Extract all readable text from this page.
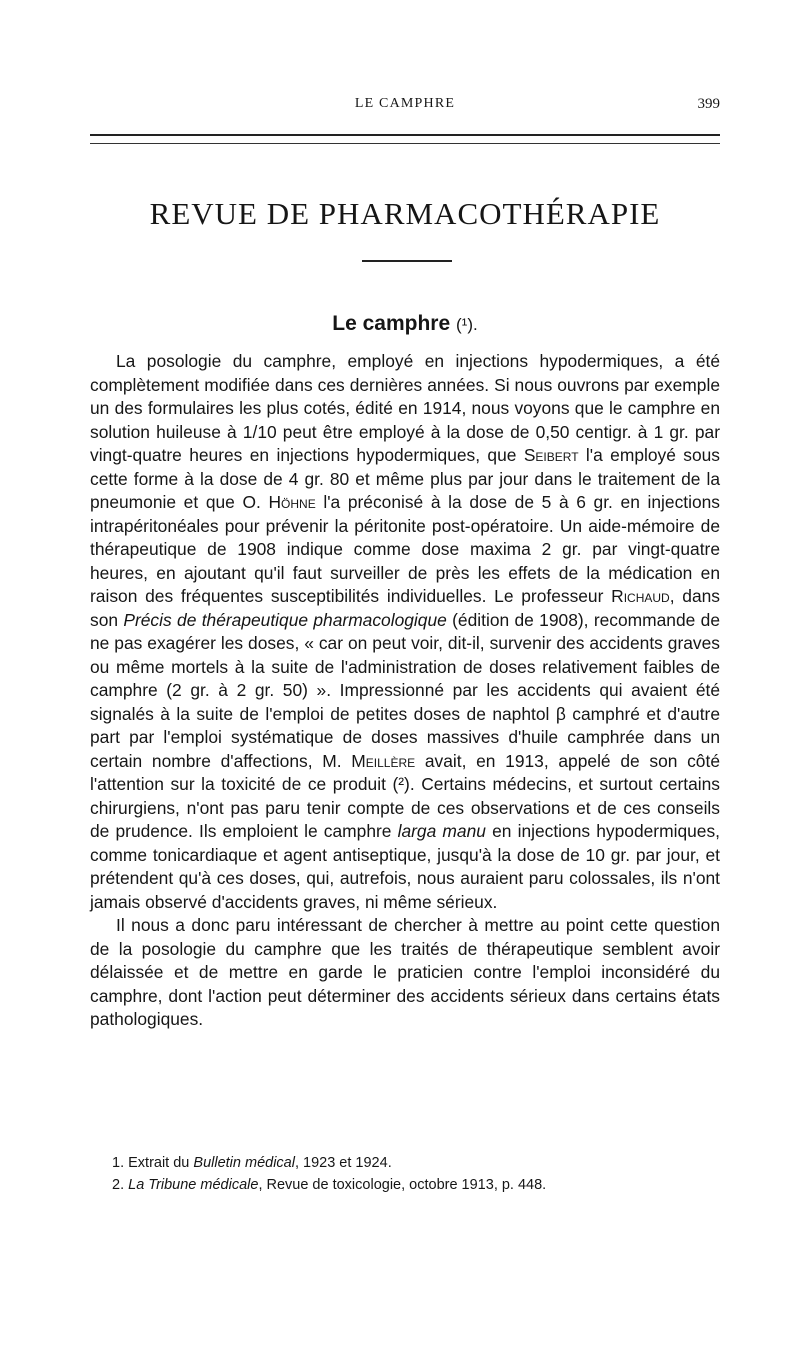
LE CAMPHRE	399
REVUE DE PHARMACOTHÉRAPIE
Le camphre (¹).

La posologie du camphre, employé en injections hypodermiques, a été complètement modifiée dans ces dernières années. Si nous ouvrons par exemple un des formulaires les plus cotés, édité en 1914, nous voyons que le camphre en solution huileuse à 1/10 peut être employé à la dose de 0,50 centigr. à 1 gr. par vingt-quatre heures en injections hypodermiques, que Seibert l'a employé sous cette forme à la dose de 4 gr. 80 et même plus par jour dans le traitement de la pneumonie et que O. Höhne l'a préconisé à la dose de 5 à 6 gr. en injections intrapéritonéales pour prévenir la péritonite post-opératoire. Un aide-mémoire de thérapeutique de 1908 indique comme dose maxima 2 gr. par vingt-quatre heures, en ajoutant qu'il faut surveiller de près les effets de la médication en raison des fréquentes susceptibilités individuelles. Le professeur Richaud, dans son Précis de thérapeutique pharmacologique (édition de 1908), recommande de ne pas exagérer les doses, « car on peut voir, dit-il, survenir des accidents graves ou même mortels à la suite de l'administration de doses relativement faibles de camphre (2 gr. à 2 gr. 50) ». Impressionné par les accidents qui avaient été signalés à la suite de l'emploi de petites doses de naphtol β camphré et d'autre part par l'emploi systématique de doses massives d'huile camphrée dans un certain nombre d'affections, M. Meillère avait, en 1913, appelé de son côté l'attention sur la toxicité de ce produit (²). Certains médecins, et surtout certains chirurgiens, n'ont pas paru tenir compte de ces observations et de ces conseils de prudence. Ils emploient le camphre larga manu en injections hypodermiques, comme tonicardiaque et agent antiseptique, jusqu'à la dose de 10 gr. par jour, et prétendent qu'à ces doses, qui, autrefois, nous auraient paru colossales, ils n'ont jamais observé d'accidents graves, ni même sérieux.

Il nous a donc paru intéressant de chercher à mettre au point cette question de la posologie du camphre que les traités de thérapeutique semblent avoir délaissée et de mettre en garde le praticien contre l'emploi inconsidéré du camphre, dont l'action peut déterminer des accidents sérieux dans certains états pathologiques.

1. Extrait du Bulletin médical, 1923 et 1924.

2. La Tribune médicale, Revue de toxicologie, octobre 1913, p. 448.
